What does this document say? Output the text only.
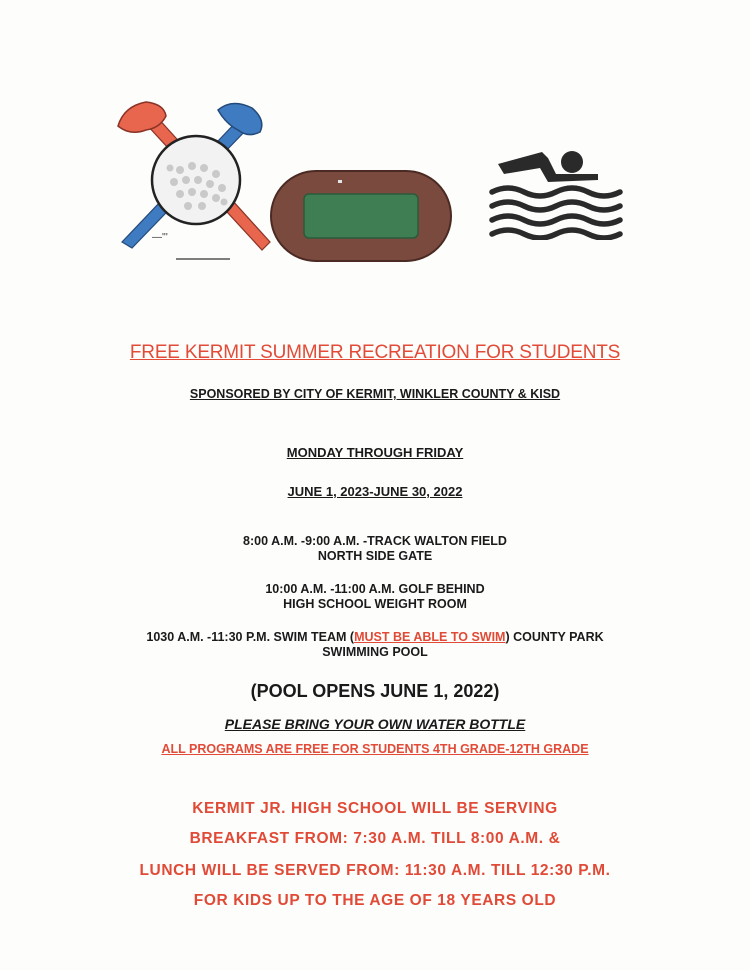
—'''
FREE KERMIT SUMMER RECREATION FOR STUDENTS
SPONSORED BY CITY OF KERMIT, WINKLER COUNTY & KISD
MONDAY THROUGH FRIDAY
JUNE 1, 2023-JUNE 30, 2022
8:00 A.M. -9:00 A.M. -TRACK WALTON FIELD
NORTH SIDE GATE
10:00 A.M. -11:00 A.M. GOLF BEHIND
HIGH SCHOOL WEIGHT ROOM
1030 A.M. -11:30 P.M. SWIM TEAM (MUST BE ABLE TO SWIM) COUNTY PARK
SWIMMING POOL
(POOL OPENS JUNE 1, 2022)
PLEASE BRING YOUR OWN WATER BOTTLE
ALL PROGRAMS ARE FREE FOR STUDENTS 4TH GRADE-12TH GRADE
KERMIT JR. HIGH SCHOOL WILL BE SERVING
BREAKFAST FROM: 7:30 A.M. TILL 8:00 A.M. &
LUNCH WILL BE SERVED FROM: 11:30 A.M. TILL 12:30 P.M.
FOR KIDS UP TO THE AGE OF 18 YEARS OLD
